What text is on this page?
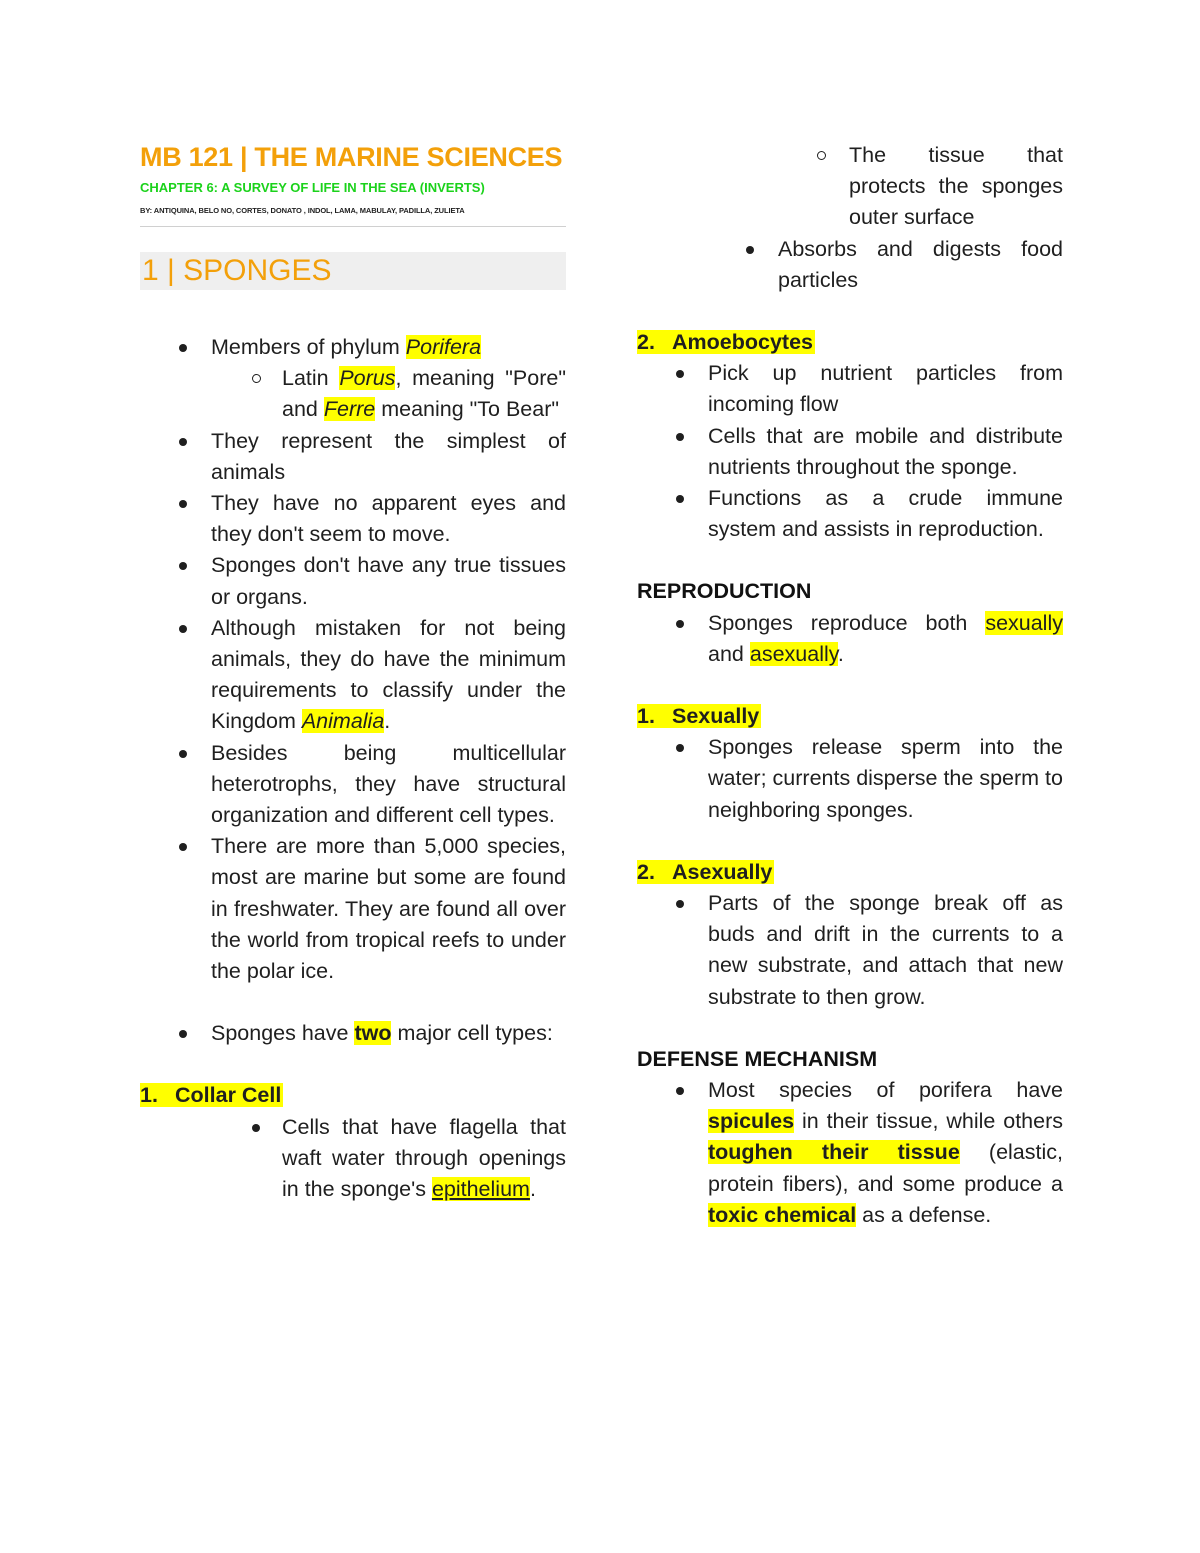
MB 121 | THE MARINE SCIENCES

CHAPTER 6: A SURVEY OF LIFE IN THE SEA (INVERTS)

BY: ANTIQUINA, BELO NO, CORTES, DONATO , INDOL, LAMA, MABULAY, PADILLA, ZULIETA

1 | SPONGES
Members of phylum Porifera
Latin Porus, meaning "Pore" and Ferre meaning "To Bear"
They represent the simplest of animals
They have no apparent eyes and they don't seem to move.
Sponges don't have any true tissues or organs.
Although mistaken for not being animals, they do have the minimum requirements to classify under the Kingdom Animalia.
Besides being multicellular heterotrophs, they have structural organization and different cell types.
There are more than 5,000 species, most are marine but some are found in freshwater. They are found all over the world from tropical reefs to under the polar ice.
Sponges have two major cell types:

1. Collar Cell

Cells that have flagella that waft water through openings in the sponge's epithelium.
The tissue that protects the sponges outer surface
Absorbs and digests food particles

2. Amoebocytes

Pick up nutrient particles from incoming flow
Cells that are mobile and distribute nutrients throughout the sponge.
Functions as a crude immune system and assists in reproduction.

REPRODUCTION

Sponges reproduce both sexually and asexually.

1. Sexually

Sponges release sperm into the water; currents disperse the sperm to neighboring sponges.

2. Asexually

Parts of the sponge break off as buds and drift in the currents to a new substrate, and attach that new substrate to then grow.

DEFENSE MECHANISM

Most species of porifera have spicules in their tissue, while others toughen their tissue (elastic, protein fibers), and some produce a toxic chemical as a defense.
